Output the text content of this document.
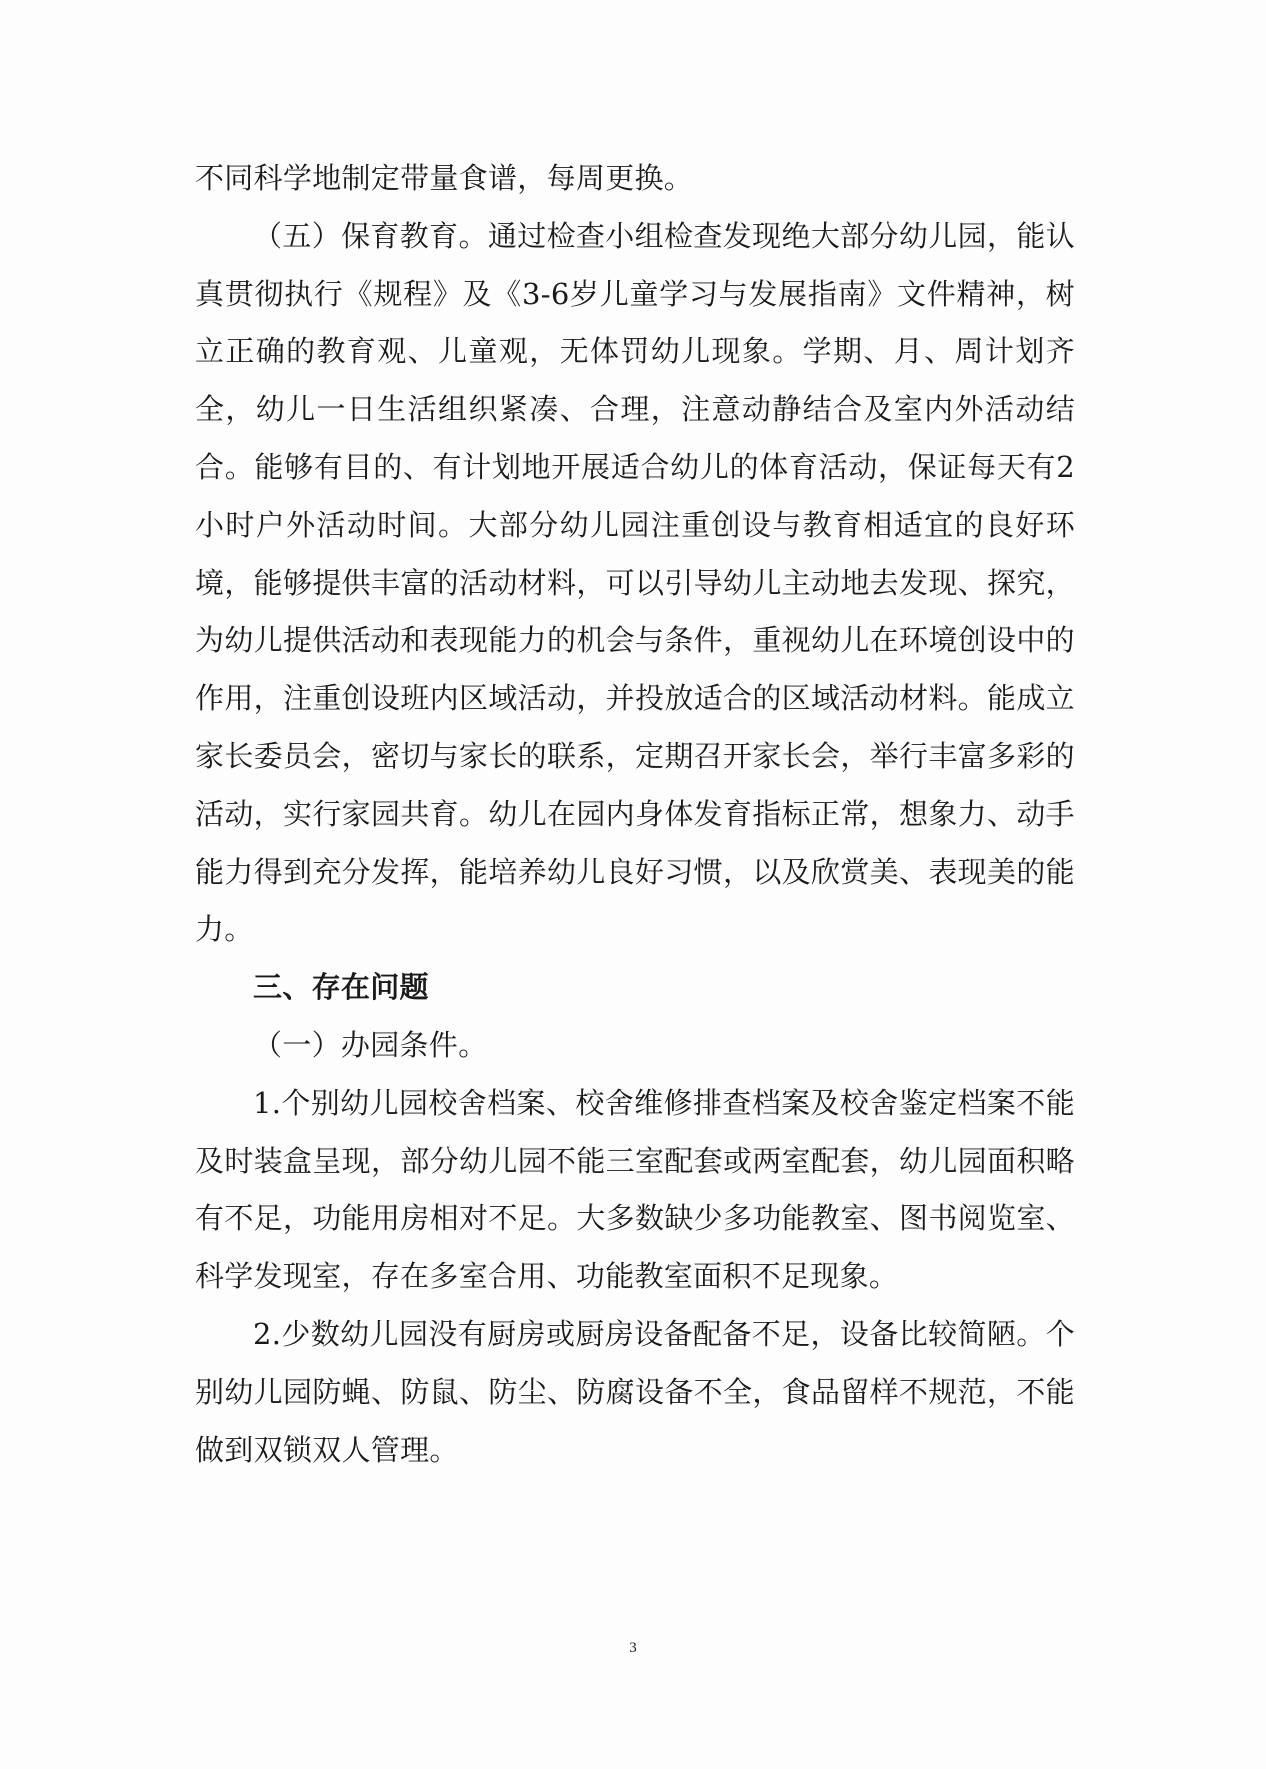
不同科学地制定带量食谱，每周更换。

（五）保育教育。通过检查小组检查发现绝大部分幼儿园，能认真贯彻执行《规程》及《3-6岁儿童学习与发展指南》文件精神，树立正确的教育观、儿童观，无体罚幼儿现象。学期、月、周计划齐全，幼儿一日生活组织紧凑、合理，注意动静结合及室内外活动结合。能够有目的、有计划地开展适合幼儿的体育活动，保证每天有2小时户外活动时间。大部分幼儿园注重创设与教育相适宜的良好环境，能够提供丰富的活动材料，可以引导幼儿主动地去发现、探究，为幼儿提供活动和表现能力的机会与条件，重视幼儿在环境创设中的作用，注重创设班内区域活动，并投放适合的区域活动材料。能成立家长委员会，密切与家长的联系，定期召开家长会，举行丰富多彩的活动，实行家园共育。幼儿在园内身体发育指标正常，想象力、动手能力得到充分发挥，能培养幼儿良好习惯，以及欣赏美、表现美的能力。

三、存在问题

（一）办园条件。

1.个别幼儿园校舍档案、校舍维修排查档案及校舍鉴定档案不能及时装盒呈现，部分幼儿园不能三室配套或两室配套，幼儿园面积略有不足，功能用房相对不足。大多数缺少多功能教室、图书阅览室、科学发现室，存在多室合用、功能教室面积不足现象。

2.少数幼儿园没有厨房或厨房设备配备不足，设备比较简陋。个别幼儿园防蝇、防鼠、防尘、防腐设备不全，食品留样不规范，不能做到双锁双人管理。

3
